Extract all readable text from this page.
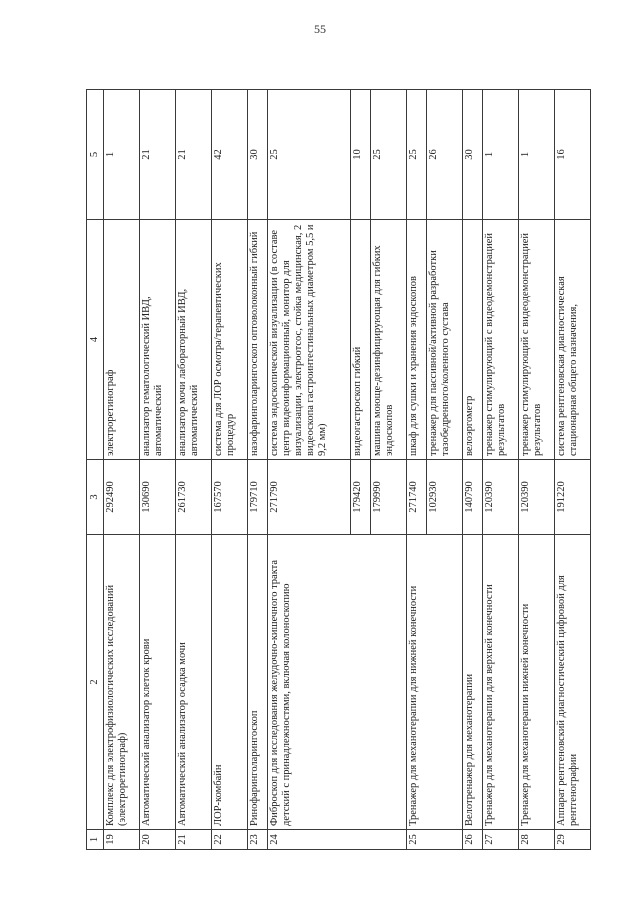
55
1	2	3	4	5
19	Комплекс для электрофизиологических исследований (электроретинограф)	292490	электроретинограф	1
20	Автоматический анализатор клеток крови	130690	анализатор гематологический ИВД, автоматический	21
21	Автоматический анализатор осадка мочи	261730	анализатор мочи лабораторный ИВД, автоматический	21
22	ЛОР-комбайн	167570	система для ЛОР осмотра/терапевтических процедур	42
23	Ринофаринголарингоскоп	179710	назофаринголарингоскоп оптоволоконный гибкий	30
24	Фиброскоп для исследования желудочно-кишечного тракта детский с принадлежностями, включая колоноскопию	271790	система эндоскопической визуализации (в составе центр видеоинформационный, монитор для визуализации, электроотсос, стойка медицинская, 2 видеоскопа гастроинтестинальных диаметром 5,5 и 9,2 мм)	25
		179420	видеогастроскоп гибкий	10
		179990	машина моюще-дезинфицирующая для гибких эндоскопов	25
25	Тренажер для механотерапии для нижней конечности	271740	шкаф для сушки и хранения эндоскопов	25
		102930	тренажер для пассивной/активной разработки тазобедренного/коленного сустава	26
26	Велотренажер для механотерапии	140790	велоэргометр	30
27	Тренажер для механотерапии для верхней конечности	120390	тренажер стимулирующий с видеодемонстрацией результатов	1
28	Тренажер для механотерапии нижней конечности	120390	тренажер стимулирующий с видеодемонстрацией результатов	1
29	Аппарат рентгеновский диагностический цифровой для рентгенографии	191220	система рентгеновская диагностическая стационарная общего назначения,	16
